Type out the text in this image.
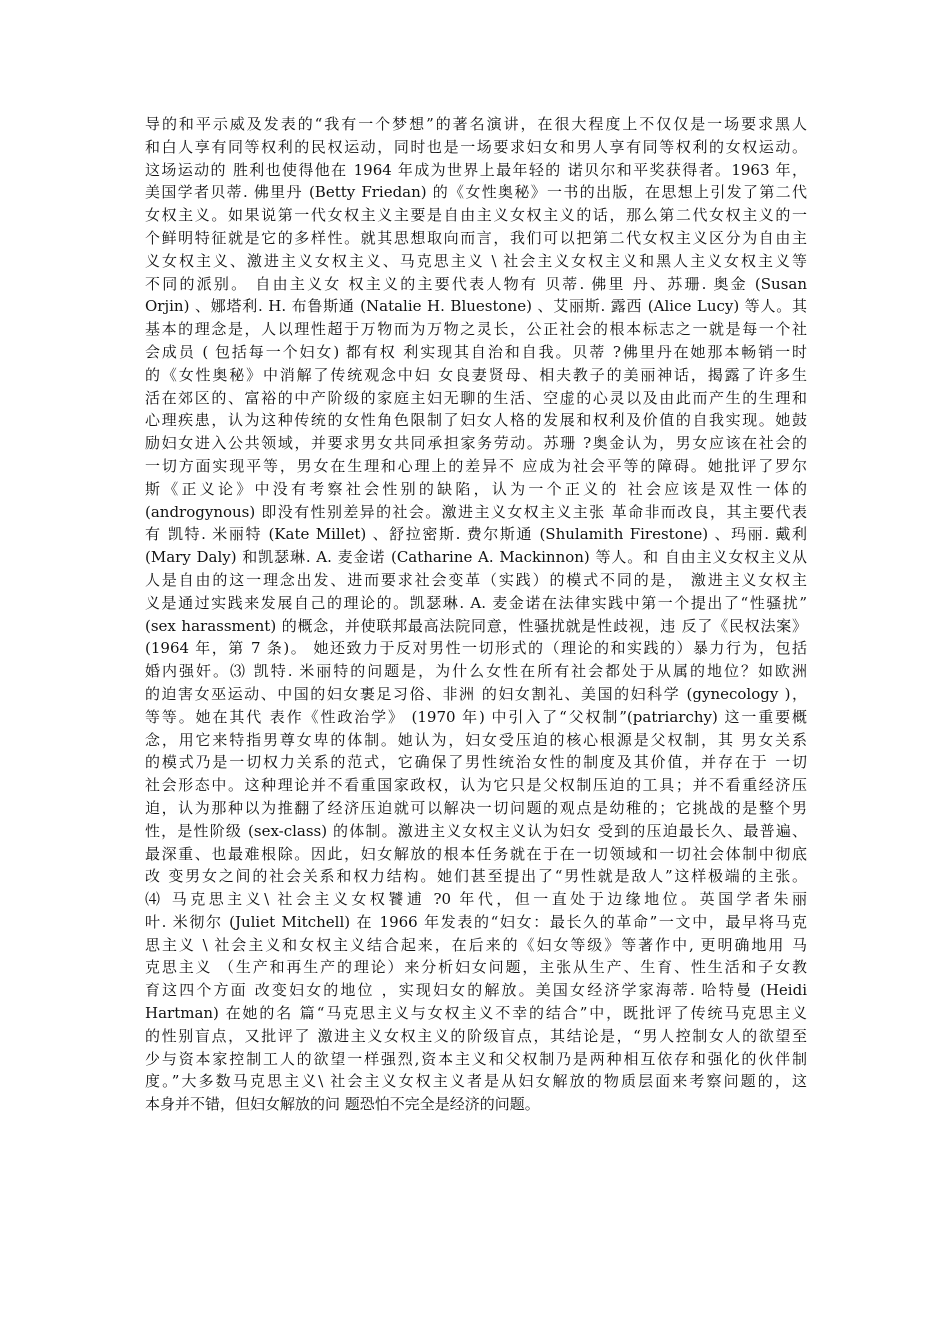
导的和平示威及发表的“我有一个梦想”的著名演讲，在很大程度上不仅仅是一场要求黑人
和白人享有同等权利的民权运动，同时也是一场要求妇女和男人享有同等权利的女权运动。
这场运动的 胜利也使得他在 1964 年成为世界上最年轻的 诺贝尔和平奖获得者。1963 年，
美国学者贝蒂. 佛里丹 (Betty Friedan) 的《女性奥秘》一书的出版，在思想上引发了第二代
女权主义。如果说第一代女权主义主要是自由主义女权主义的话，那么第二代女权主义的一
个鲜明特征就是它的多样性。就其思想取向而言，我们可以把第二代女权主义区分为自由主
义女权主义、激进主义女权主义、马克思主义 \ 社会主义女权主义和黑人主义女权主义等
不同的派别。 自由主义女 权主义的主要代表人物有 贝蒂. 佛里 丹、苏珊. 奥金 (Susan
Orjin) 、娜塔利. H. 布鲁斯通 (Natalie H. Bluestone) 、艾丽斯. 露西 (Alice Lucy) 等人。其
基本的理念是，人以理性超于万物而为万物之灵长，公正社会的根本标志之一就是每一个社
会成员 ( 包括每一个妇女) 都有权 利实现其自治和自我。贝蒂 ?佛里丹在她那本畅销一时
的《女性奥秘》中消解了传统观念中妇 女良妻贤母、相夫教子的美丽神话，揭露了许多生
活在郊区的、富裕的中产阶级的家庭主妇无聊的生活、空虚的心灵以及由此而产生的生理和
心理疾患，认为这种传统的女性角色限制了妇女人格的发展和权利及价值的自我实现。她鼓
励妇女进入公共领域，并要求男女共同承担家务劳动。苏珊 ?奥金认为，男女应该在社会的
一切方面实现平等，男女在生理和心理上的差异不 应成为社会平等的障碍。她批评了罗尔
斯《正义论》中没有考察社会性别的缺陷，认为一个正义的 社会应该是双性一体的
(androgynous) 即没有性别差异的社会。激进主义女权主义主张 革命非而改良，其主要代表
有 凯特. 米丽特 (Kate Millet) 、舒拉密斯. 费尔斯通 (Shulamith Firestone) 、玛丽. 戴利
(Mary Daly) 和凯瑟琳. A. 麦金诺 (Catharine A. Mackinnon) 等人。和 自由主义女权主义从
人是自由的这一理念出发、进而要求社会变革（实践）的模式不同的是， 激进主义女权主
义是通过实践来发展自己的理论的。凯瑟琳. A. 麦金诺在法律实践中第一个提出了“性骚扰”
(sex harassment) 的概念，并使联邦最高法院同意，性骚扰就是性歧视，违 反了《民权法案》
(1964 年，第 7 条)。 她还致力于反对男性一切形式的（理论的和实践的）暴力行为，包括
婚内强奸。⑶ 凯特. 米丽特的问题是，为什么女性在所有社会都处于从属的地位？如欧洲
的迫害女巫运动、中国的妇女裹足习俗、非洲 的妇女割礼、美国的妇科学 (gynecology )，
等等。她在其代 表作《性政治学》 (1970 年) 中引入了“父权制”(patriarchy) 这一重要概
念，用它来特指男尊女卑的体制。她认为，妇女受压迫的核心根源是父权制，其 男女关系
的模式乃是一切权力关系的范式，它确保了男性统治女性的制度及其价值，并存在于 一切
社会形态中。这种理论并不看重国家政权，认为它只是父权制压迫的工具；并不看重经济压
迫，认为那种以为推翻了经济压迫就可以解决一切问题的观点是幼稚的；它挑战的是整个男
性，是性阶级 (sex-class) 的体制。激进主义女权主义认为妇女 受到的压迫最长久、最普遍、
最深重、也最难根除。因此，妇女解放的根本任务就在于在一切领域和一切社会体制中彻底
改 变男女之间的社会关系和权力结构。她们甚至提出了“男性就是敌人”这样极端的主张。
⑷ 马克思主义\ 社会主义女权饕逋 ?0 年代，但一直处于边缘地位。英国学者朱丽
叶. 米彻尔 (Juliet Mitchell) 在 1966 年发表的“妇女：最长久的革命”一文中，最早将马克
思主义 \ 社会主义和女权主义结合起来，在后来的《妇女等级》等著作中, 更明确地用 马
克思主义 （生产和再生产的理论）来分析妇女问题，主张从生产、生育、性生活和子女教
育这四个方面 改变妇女的地位 ，实现妇女的解放。美国女经济学家海蒂. 哈特曼 (Heidi
Hartman) 在她的名 篇“马克思主义与女权主义不幸的结合”中，既批评了传统马克思主义
的性别盲点，又批评了 激进主义女权主义的阶级盲点，其结论是，“男人控制女人的欲望至
少与资本家控制工人的欲望一样强烈,资本主义和父权制乃是两种相互依存和强化的伙伴制
度。”大多数马克思主义\ 社会主义女权主义者是从妇女解放的物质层面来考察问题的，这
本身并不错，但妇女解放的问 题恐怕不完全是经济的问题。
